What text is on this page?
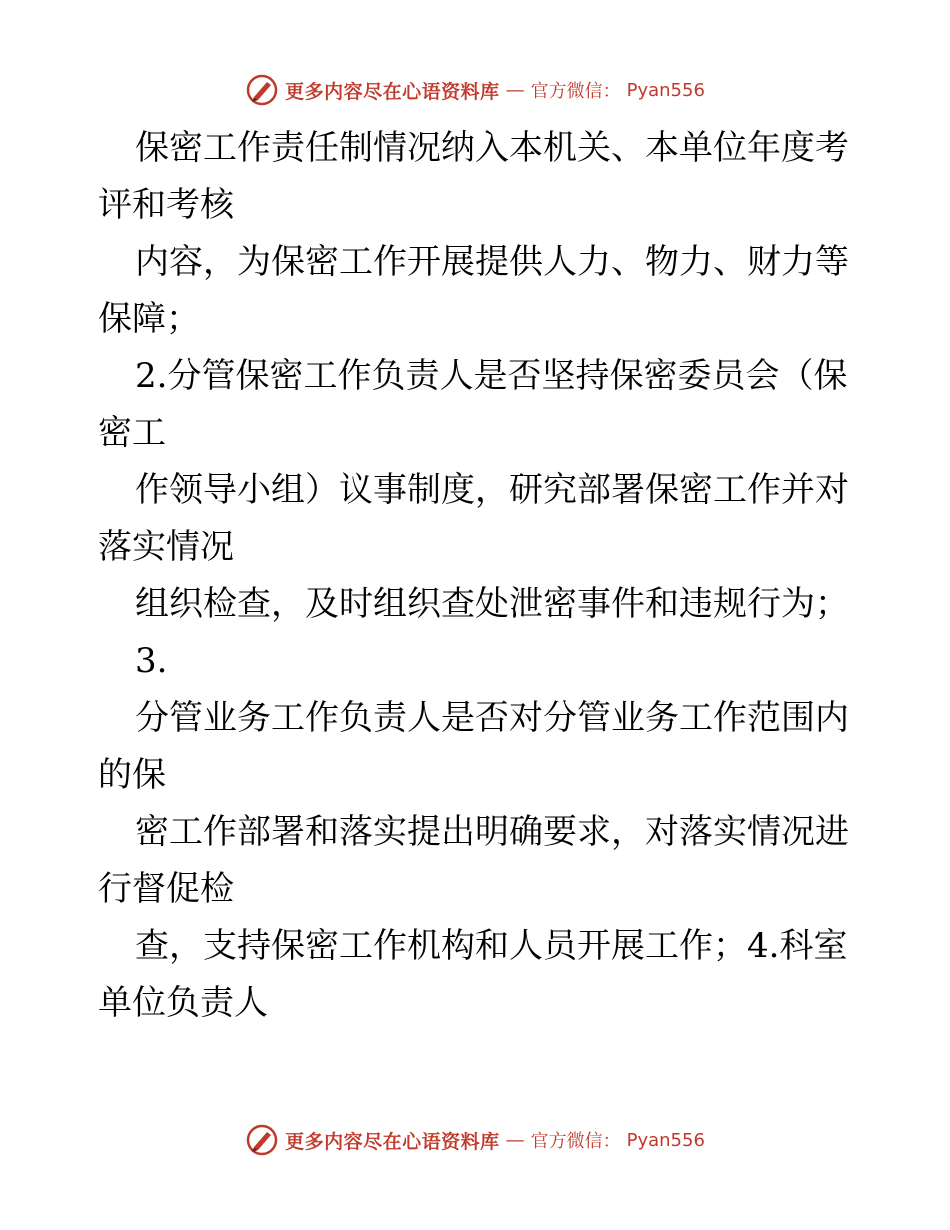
更多内容尽在心语资料库 — 官方微信： Pyan556
保密工作责任制情况纳入本机关、本单位年度考
评和考核
内容，为保密工作开展提供人力、物力、财力等
保障；
2.分管保密工作负责人是否坚持保密委员会（保
密工
作领导小组）议事制度，研究部署保密工作并对
落实情况
组织检查，及时组织查处泄密事件和违规行为；
3.
分管业务工作负责人是否对分管业务工作范围内
的保
密工作部署和落实提出明确要求，对落实情况进
行督促检
查，支持保密工作机构和人员开展工作；4.科室
单位负责人
更多内容尽在心语资料库 — 官方微信： Pyan556
